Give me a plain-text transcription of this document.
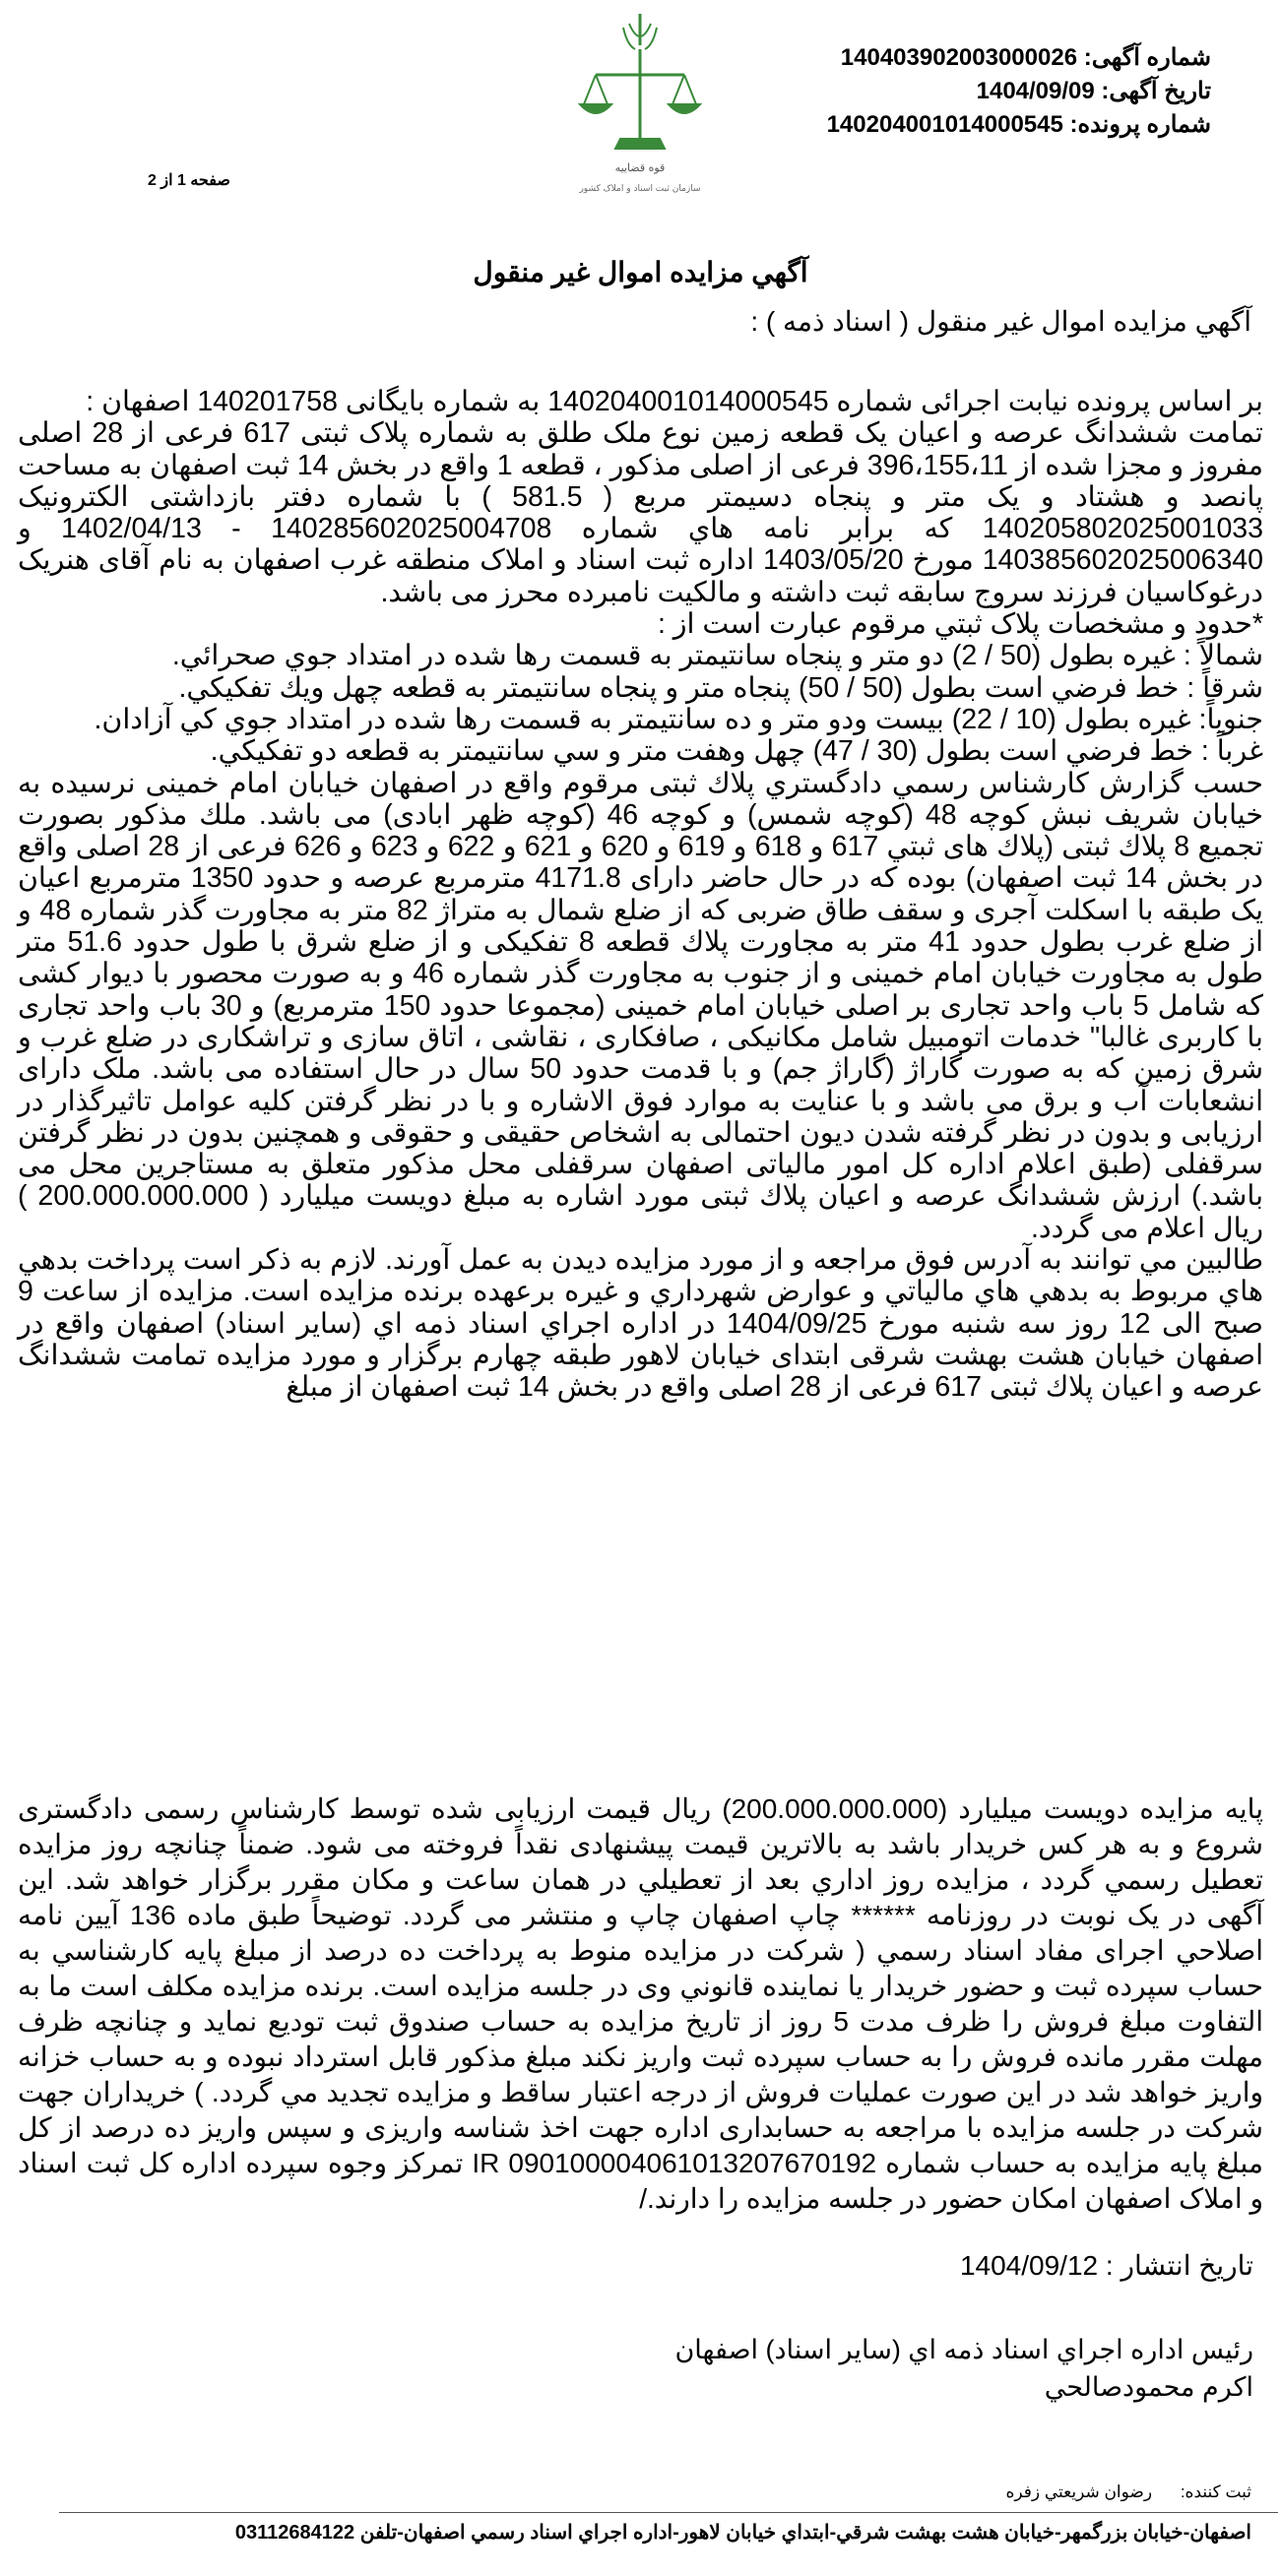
قوه قضاییه
سازمان ثبت اسناد و املاک کشور
شماره آگهی: 14040390200300002​6
تاریخ آگهی: 1404/09/09
شماره پرونده: 140204001014000545
صفحه 1 از 2
آگهي مزايده اموال غير منقول
آگهي مزايده اموال غير منقول ( اسناد ذمه ) :

بر اساس پرونده نيابت اجرائی شماره 140204001014000545 به شماره بایگانی 140201758 اصفهان :

تمامت ششدانگ عرصه و اعیان یک قطعه زمین نوع ملک طلق به شماره پلاک ثبتی 617 فرعی از 28 اصلی مفروز و مجزا شده از 396،155،11 فرعی از اصلی مذکور ، قطعه 1 واقع در بخش 14 ثبت اصفهان به مساحت پانصد و هشتاد و یک متر و پنجاه دسیمتر مربع ( 581.5 ) با شماره دفتر بازداشتی الکترونیک 140205802025001033 که برابر نامه هاي شماره 140285602025004708 - 1402/04/13 و 140385602025006340 مورخ 1403/05/20 اداره ثبت اسناد و املاک منطقه غرب اصفهان به نام آقای هنریک درغوکاسیان فرزند سروج سابقه ثبت داشته و مالکیت نامبرده محرز می باشد.

*حدود و مشخصات پلاک ثبتي مرقوم عبارت است از :

شمالاً : غيره بطول (50 / 2) دو متر و پنجاه سانتيمتر به قسمت رها شده در امتداد جوي صحرائي.

شرقاً : خط فرضي است بطول (50 / 50) پنجاه متر و پنجاه سانتيمتر به قطعه چهل ويك تفكيكي.

جنوباً: غيره بطول (10 / 22) بيست ودو متر و ده سانتيمتر به قسمت رها شده در امتداد جوي كي آزادان.

غرباً : خط فرضي است بطول (30 / 47) چهل وهفت متر و سي سانتيمتر به قطعه دو تفكيكي.

حسب گزارش كارشناس رسمي دادگستري پلاك ثبتی مرقوم واقع در اصفهان خيابان امام خمينی نرسیده به خيابان شريف نبش كوچه 48 (كوچه شمس) و كوچه 46 (كوچه ظهر ابادی) می باشد. ملك مذكور بصورت تجميع 8 پلاك ثبتی (پلاك های ثبتي 617 و 618 و 619 و 620 و 621 و 622 و 623 و 626 فرعی از 28 اصلی واقع در بخش 14 ثبت اصفهان) بوده كه در حال حاضر دارای 4171.8 مترمربع عرصه و حدود 1350 مترمربع اعيان يک طبقه با اسكلت آجری و سقف طاق ضربی كه از ضلع شمال به متراژ 82 متر به مجاورت گذر شماره 48 و از ضلع غرب بطول حدود 41 متر به مجاورت پلاك قطعه 8 تفكيكی و از ضلع شرق با طول حدود 51.6 متر طول به مجاورت خيابان امام خمينی و از جنوب به مجاورت گذر شماره 46 و به صورت محصور با ديوار كشی كه شامل 5 باب واحد تجاری بر اصلی خيابان امام خمينی (مجموعا حدود 150 مترمربع) و 30 باب واحد تجاری با كاربری غالبا" خدمات اتومبيل شامل مكانيكی ، صافكاری ، نقاشی ، اتاق سازی و تراشكاری در ضلع غرب و شرق زمين كه به صورت گاراژ (گاراژ جم) و با قدمت حدود 50 سال در حال استفاده می باشد. ملک دارای انشعابات آب و برق می باشد و با عنايت به موارد فوق الاشاره و با در نظر گرفتن كليه عوامل تاثيرگذار در ارزيابی و بدون در نظر گرفته شدن ديون احتمالی به اشخاص حقيقی و حقوقی و همچنين بدون در نظر گرفتن سرقفلی (طبق اعلام اداره كل امور مالياتی اصفهان سرقفلی محل مذكور متعلق به مستاجرين محل می باشد.) ارزش ششدانگ عرصه و اعيان پلاك ثبتی مورد اشاره به مبلغ دويست ميليارد ( 200.000.000.000 ) ريال اعلام می گردد.

طالبين مي توانند به آدرس فوق مراجعه و از مورد مزايده ديدن به عمل آورند. لازم به ذكر است پرداخت بدهي هاي مربوط به بدهي هاي مالياتي و عوارض شهرداري و غيره برعهده برنده مزايده است. مزايده از ساعت 9 صبح الی 12 روز سه شنبه مورخ 1404/09/25 در اداره اجراي اسناد ذمه اي (ساير اسناد) اصفهان واقع در اصفهان خيابان هشت بهشت شرقی ابتدای خيابان لاهور طبقه چهارم برگزار و مورد مزايده تمامت ششدانگ عرصه و اعيان پلاك ثبتی 617 فرعی از 28 اصلی واقع در بخش 14 ثبت اصفهان از مبلغ

پايه مزايده دويست ميليارد (200.000.000.000) ريال قيمت ارزيابی شده توسط كارشناس رسمی دادگستری شروع و به هر كس خريدار باشد به بالاترين قيمت پيشنهادی نقداً فروخته می شود. ضمناً چنانچه روز مزايده تعطيل رسمي گردد ، مزايده روز اداري بعد از تعطيلي در همان ساعت و مكان مقرر برگزار خواهد شد. اين آگهی در يک نوبت در روزنامه ****** چاپ اصفهان چاپ و منتشر می گردد. توضيحاً طبق ماده 136 آيين نامه اصلاحي اجرای مفاد اسناد رسمي ( شركت در مزايده منوط به پرداخت ده درصد از مبلغ پايه كارشناسي به حساب سپرده ثبت و حضور خريدار يا نماينده قانوني وی در جلسه مزايده است. برنده مزايده مكلف است ما به التفاوت مبلغ فروش را ظرف مدت 5 روز از تاريخ مزايده به حساب صندوق ثبت تودیع نمايد و چنانچه ظرف مهلت مقرر مانده فروش را به حساب سپرده ثبت واريز نكند مبلغ مذكور قابل استرداد نبوده و به حساب خزانه واريز خواهد شد در اين صورت عمليات فروش از درجه اعتبار ساقط و مزايده تجديد مي گردد. ) خريداران جهت شركت در جلسه مزايده با مراجعه به حسابداری اداره جهت اخذ شناسه واريزی و سپس واريز ده درصد از كل مبلغ پايه مزايده به حساب شماره IR 090100004061013207670192 تمركز وجوه سپرده اداره كل ثبت اسناد و املاک اصفهان امكان حضور در جلسه مزايده را دارند./

تاريخ انتشار : 1404/09/12
رئيس اداره اجراي اسناد ذمه اي (ساير اسناد) اصفهان
اكرم محمودصالحي
ثبت كننده: رضوان شريعتي زفره
اصفهان-خيابان بزرگمهر-خيابان هشت بهشت شرقي-ابتداي خيابان لاهور-اداره اجراي اسناد رسمي اصفهان-تلفن 03112684122
